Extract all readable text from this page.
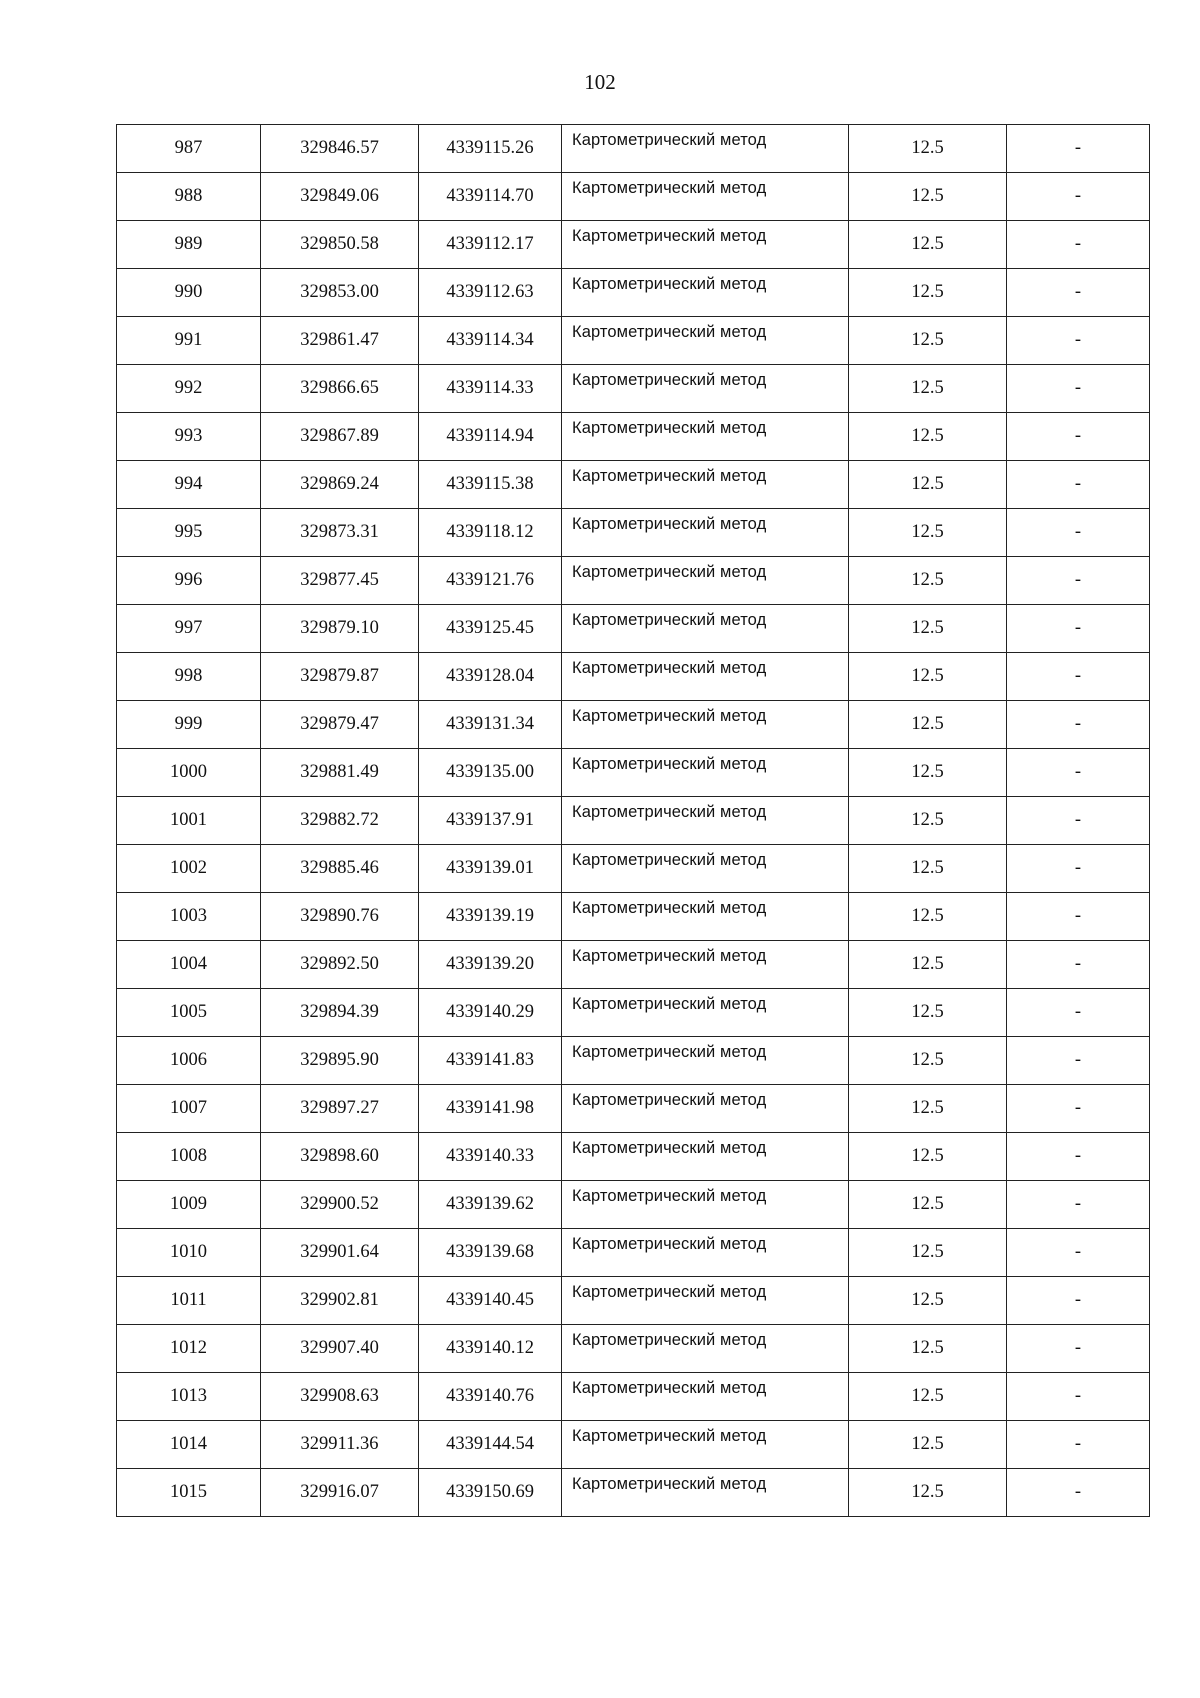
102
987	329846.57	4339115.26	Картометрический метод	12.5	-
988	329849.06	4339114.70	Картометрический метод	12.5	-
989	329850.58	4339112.17	Картометрический метод	12.5	-
990	329853.00	4339112.63	Картометрический метод	12.5	-
991	329861.47	4339114.34	Картометрический метод	12.5	-
992	329866.65	4339114.33	Картометрический метод	12.5	-
993	329867.89	4339114.94	Картометрический метод	12.5	-
994	329869.24	4339115.38	Картометрический метод	12.5	-
995	329873.31	4339118.12	Картометрический метод	12.5	-
996	329877.45	4339121.76	Картометрический метод	12.5	-
997	329879.10	4339125.45	Картометрический метод	12.5	-
998	329879.87	4339128.04	Картометрический метод	12.5	-
999	329879.47	4339131.34	Картометрический метод	12.5	-
1000	329881.49	4339135.00	Картометрический метод	12.5	-
1001	329882.72	4339137.91	Картометрический метод	12.5	-
1002	329885.46	4339139.01	Картометрический метод	12.5	-
1003	329890.76	4339139.19	Картометрический метод	12.5	-
1004	329892.50	4339139.20	Картометрический метод	12.5	-
1005	329894.39	4339140.29	Картометрический метод	12.5	-
1006	329895.90	4339141.83	Картометрический метод	12.5	-
1007	329897.27	4339141.98	Картометрический метод	12.5	-
1008	329898.60	4339140.33	Картометрический метод	12.5	-
1009	329900.52	4339139.62	Картометрический метод	12.5	-
1010	329901.64	4339139.68	Картометрический метод	12.5	-
1011	329902.81	4339140.45	Картометрический метод	12.5	-
1012	329907.40	4339140.12	Картометрический метод	12.5	-
1013	329908.63	4339140.76	Картометрический метод	12.5	-
1014	329911.36	4339144.54	Картометрический метод	12.5	-
1015	329916.07	4339150.69	Картометрический метод	12.5	-
